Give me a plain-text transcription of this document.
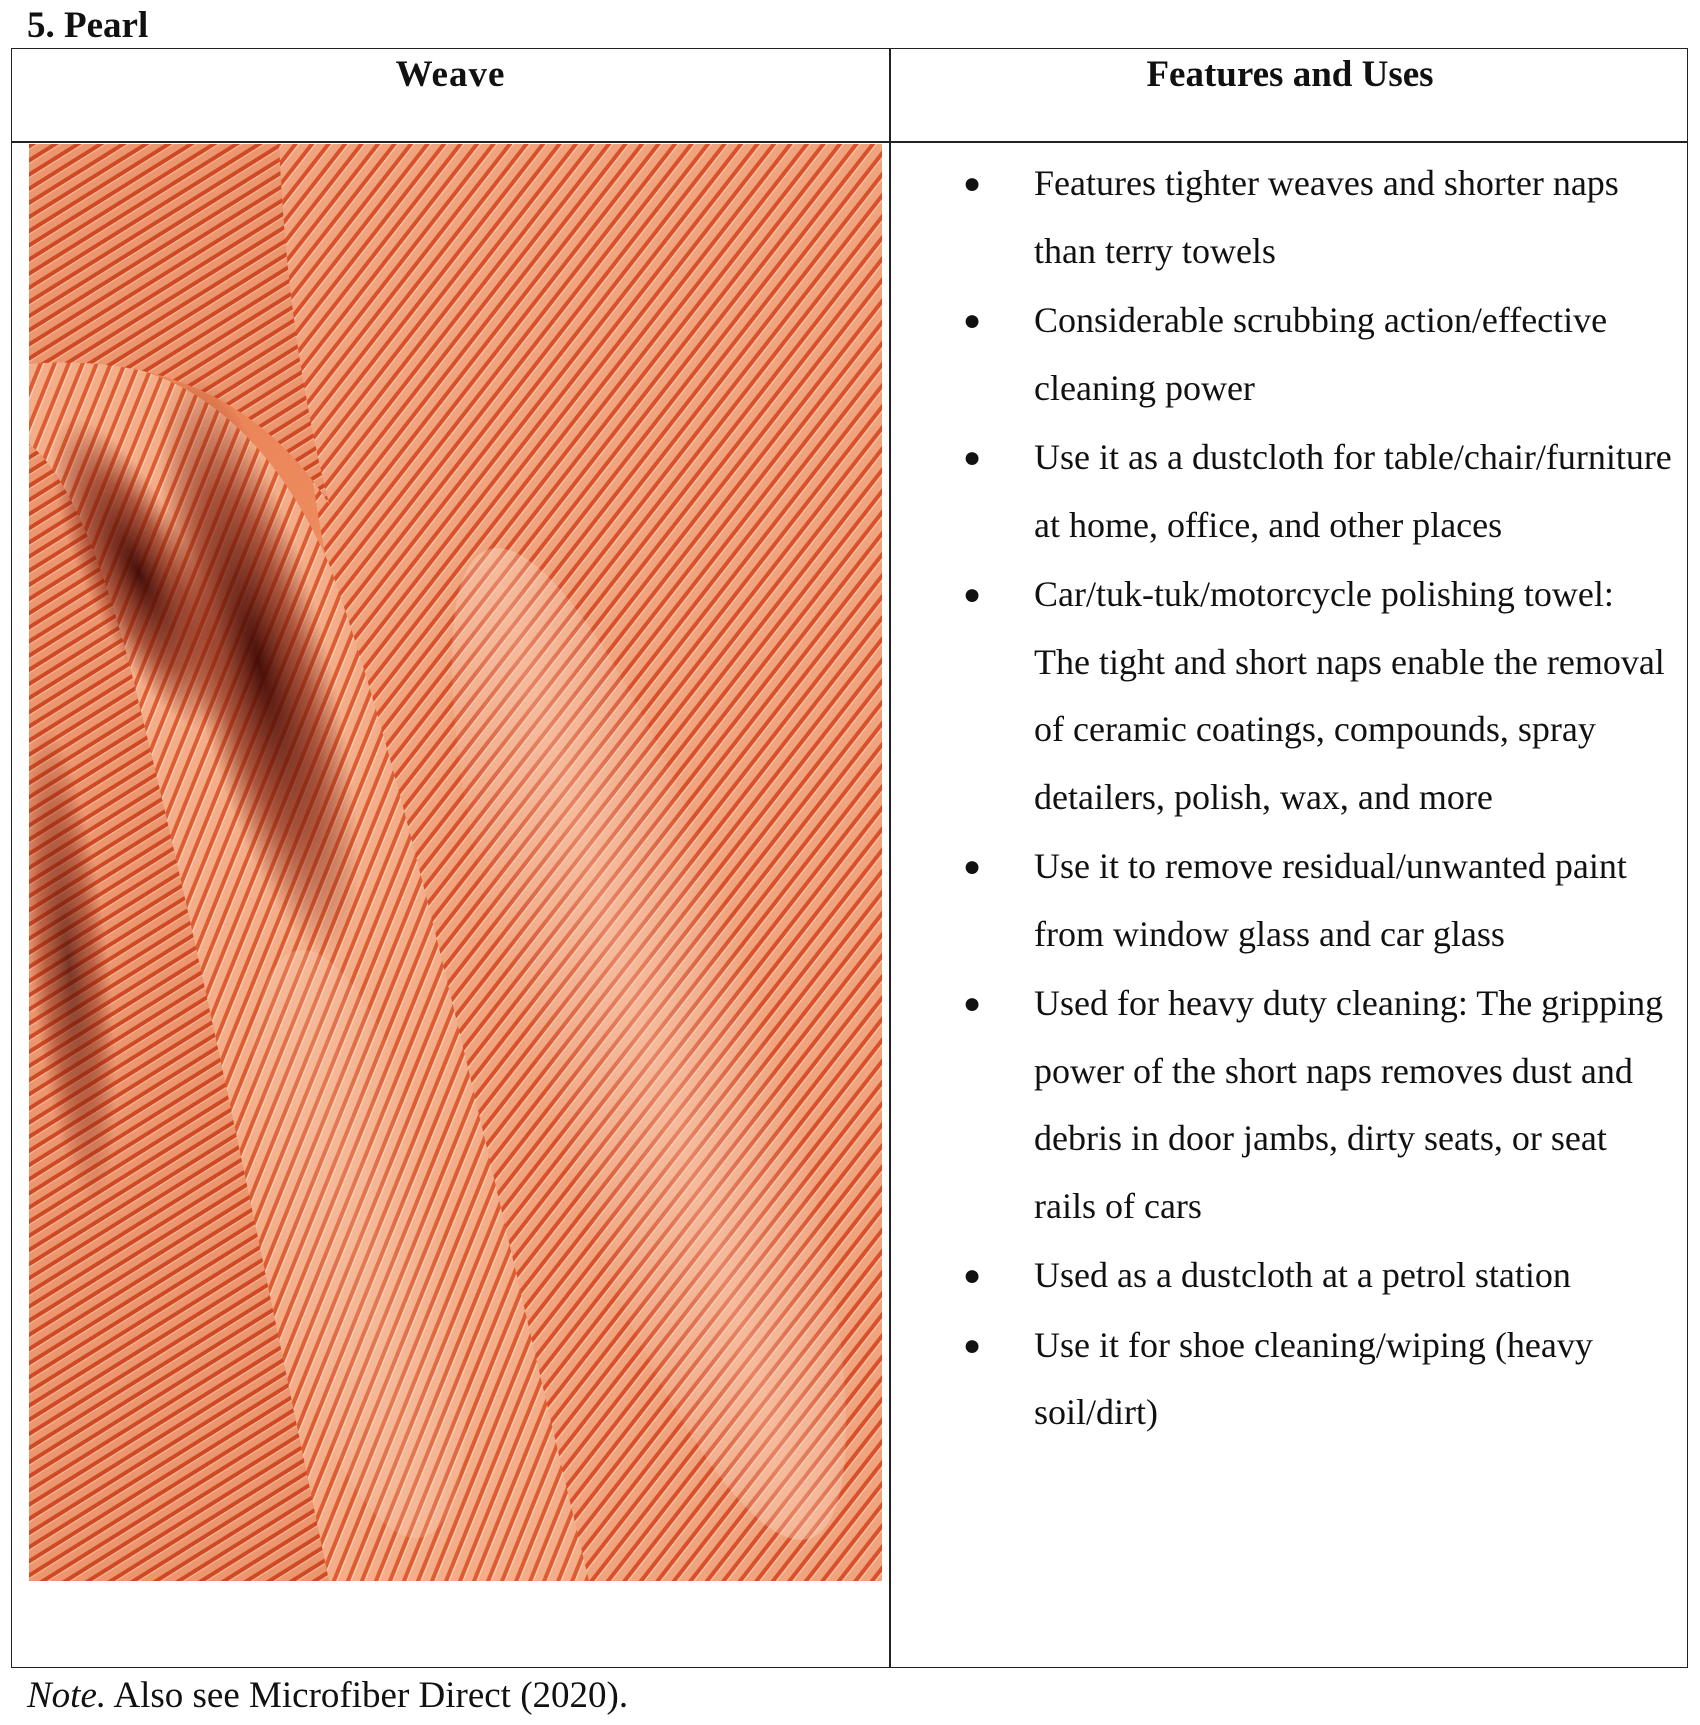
5. Pearl
Weave	Features and Uses
● Features tighter weaves and shorter naps than terry towels
● Considerable scrubbing action/effective cleaning power
● Use it as a dustcloth for table/chair/furniture at home, office, and other places
● Car/tuk-tuk/motorcycle polishing towel: The tight and short naps enable the removal of ceramic coatings, compounds, spray detailers, polish, wax, and more
● Use it to remove residual/unwanted paint from window glass and car glass
● Used for heavy duty cleaning: The gripping power of the short naps removes dust and debris in door jambs, dirty seats, or seat rails of cars
● Used as a dustcloth at a petrol station
● Use it for shoe cleaning/wiping (heavy soil/dirt)
Note. Also see Microfiber Direct (2020).
